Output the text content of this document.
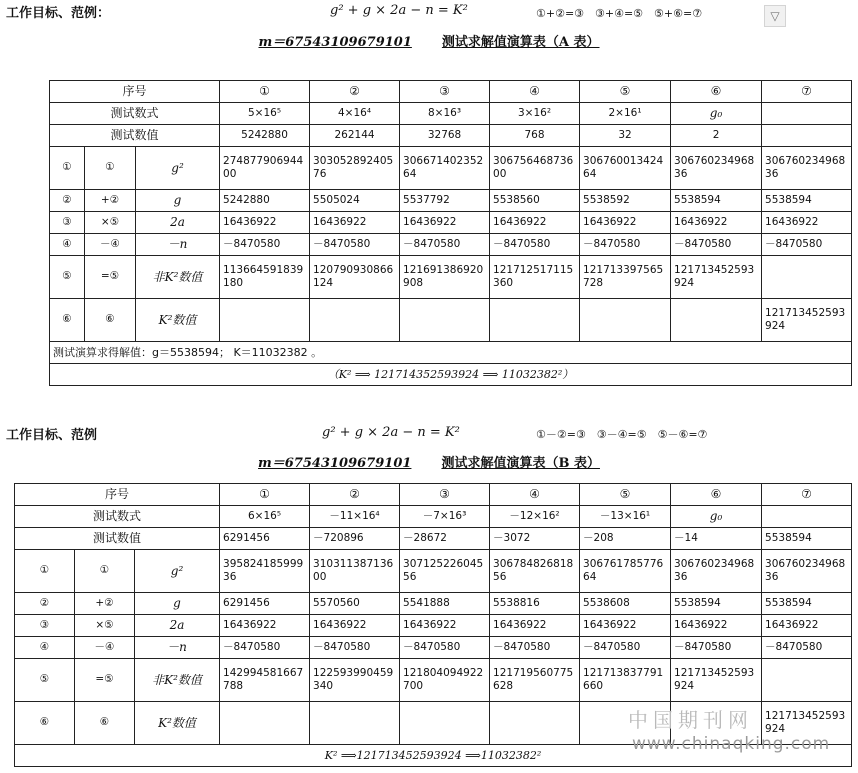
工作目标、范例：	g² + g × 2a − n = K²	①+②=③　③+④=⑤　⑤+⑥=⑦	▽
m＝67543109679101 测试求解值演算表（A 表）
序号			①	②	③	④	⑤	⑥	⑦
测试数式			5×16⁵	4×16⁴	8×16³	3×16²	2×16¹	g₀	
测试数值			5242880	262144	32768	768	32	2	
①	①	g²	27487790694400	30305289240576	30667140235264	30675646873600	30676001342464	30676023496836	30676023496836
②	+②	g	5242880	5505024	5537792	5538560	5538592	5538594	5538594
③	×⑤	2a	16436922	16436922	16436922	16436922	16436922	16436922	16436922
④	－④	－n	－8470580	－8470580	－8470580	－8470580	－8470580	－8470580	－8470580
⑤	=⑤	非K²数值	113664591839180	120790930866124	121691386920908	121712517115360	121713397565728	121713452593924	
⑥	⑥	K²数值							121713452593924
测试演算求得解值：g＝5538594； K＝11032382 。									
（K² ⟹ 121714352593924 ⟹ 11032382²）									
工作目标、范例	g² + g × 2a − n = K²	①－②=③　③－④=⑤　⑤－⑥=⑦
m＝67543109679101 测试求解值演算表（B 表）
序号			①	②	③	④	⑤	⑥	⑦
测试数式			6×16⁵	－11×16⁴	－7×16³	－12×16²	－13×16¹	g₀	
测试数值			6291456	－720896	－28672	－3072	－208	－14	5538594
①	①	g²	39582418599936	31031138713600	30712522604556	30678482681856	30676178577664	30676023496836	30676023496836
②	+②	g	6291456	5570560	5541888	5538816	5538608	5538594	5538594
③	×⑤	2a	16436922	16436922	16436922	16436922	16436922	16436922	16436922
④	－④	－n	－8470580	－8470580	－8470580	－8470580	－8470580	－8470580	－8470580
⑤	=⑤	非K²数值	142994581667788	122593990459340	121804094922700	121719560775628	121713837791660	121713452593924	
⑥	⑥	K²数值							121713452593924
K² ⟹121713452593924 ⟹11032382²									
中国期刊网
www.chinaqking.com
